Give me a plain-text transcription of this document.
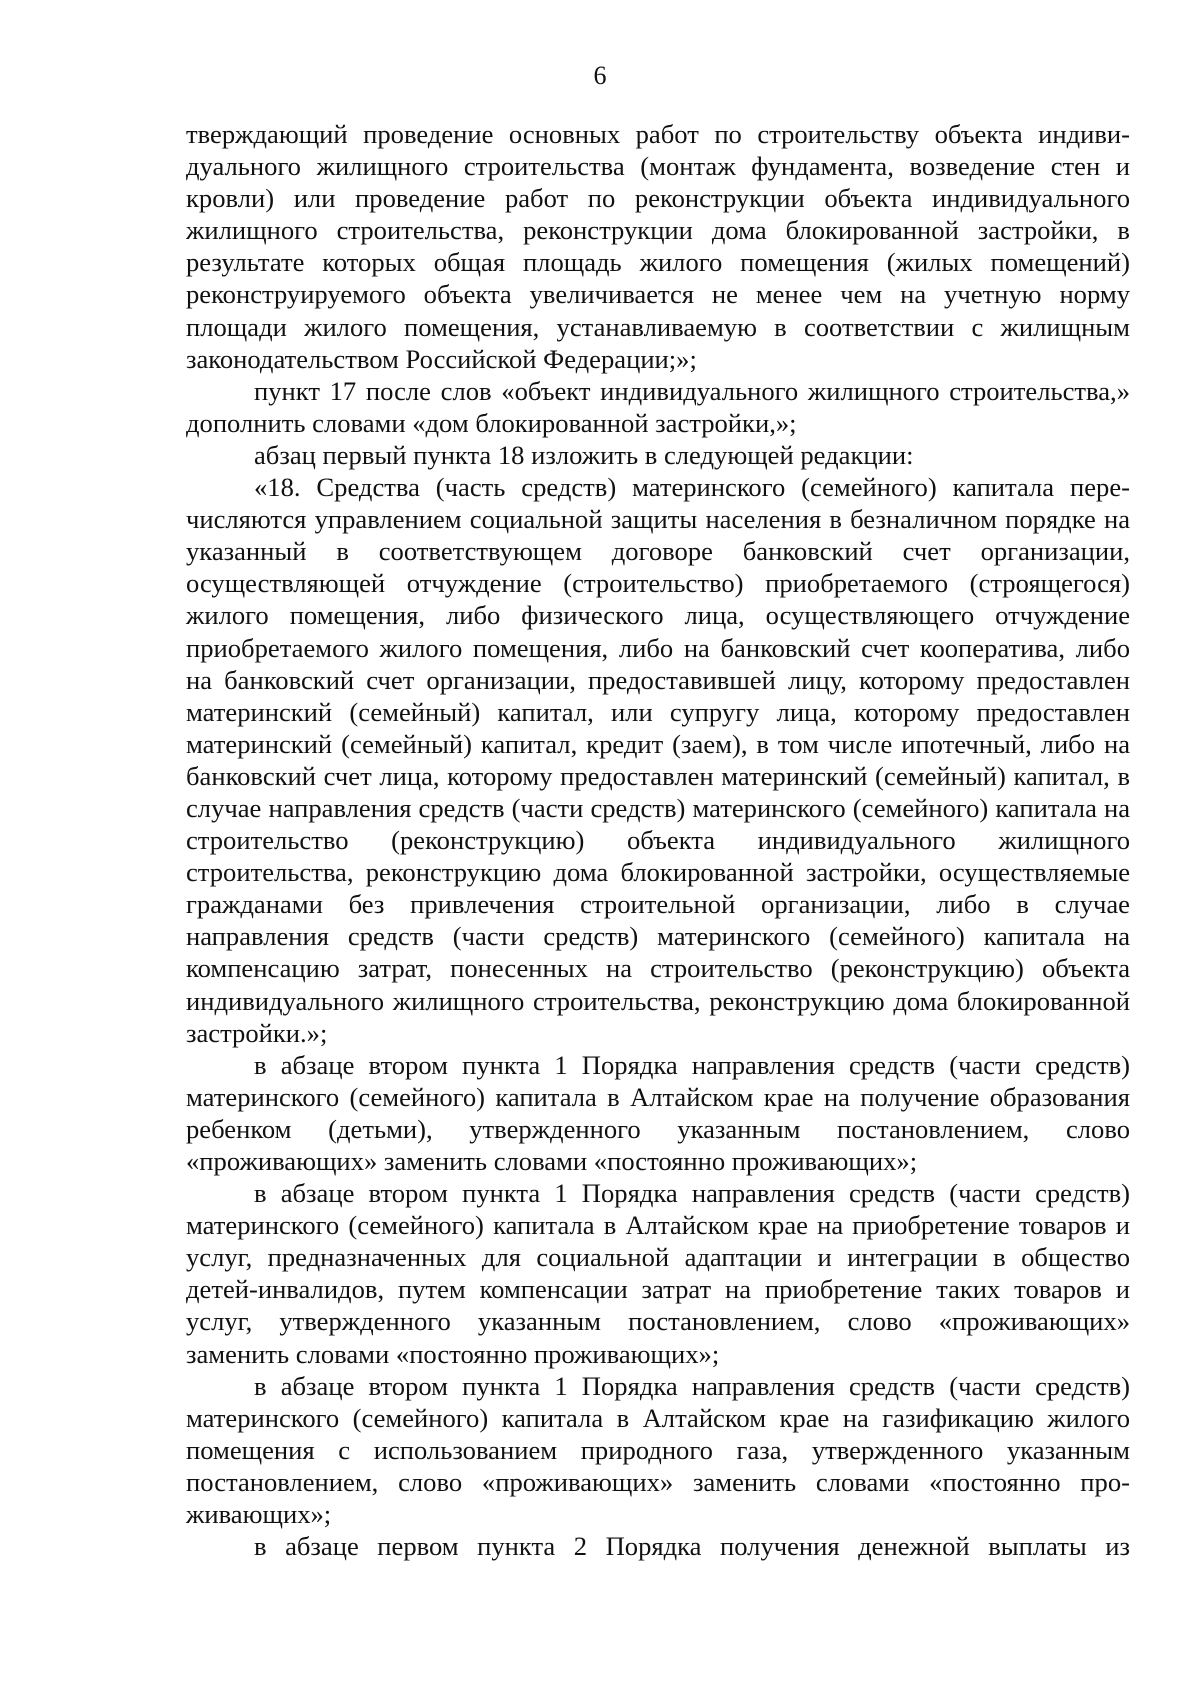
6

тверждающий проведение основных работ по строительству объекта индивидуального жилищного строительства (монтаж фундамента, возведение стен и кровли) или проведение работ по реконструкции объекта индивидуального жилищного строительства, реконструкции дома блокированной застройки, в результате которых общая площадь жилого помещения (жилых помещений) реконструируемого объекта увеличивается не менее чем на учетную норму площади жилого помещения, устанавливаемую в соответствии с жилищным законодательством Российской Федерации;»;

пункт 17 после слов «объект индивидуального жилищного строительства,» дополнить словами «дом блокированной застройки,»;

абзац первый пункта 18 изложить в следующей редакции:

«18. Средства (часть средств) материнского (семейного) капитала перечисляются управлением социальной защиты населения в безналичном порядке на указанный в соответствующем договоре банковский счет организации, осуществляющей отчуждение (строительство) приобретаемого (строящегося) жилого помещения, либо физического лица, осуществляющего отчуждение приобретаемого жилого помещения, либо на банковский счет кооператива, либо на банковский счет организации, предоставившей лицу, которому предоставлен материнский (семейный) капитал, или супругу лица, которому предоставлен материнский (семейный) капитал, кредит (заем), в том числе ипотечный, либо на банковский счет лица, которому предоставлен материнский (семейный) капитал, в случае направления средств (части средств) материнского (семейного) капитала на строительство (реконструкцию) объекта индивидуального жилищного строительства, реконструкцию дома блокированной застройки, осуществляемые гражданами без привлечения строительной организации, либо в случае направления средств (части средств) материнского (семейного) капитала на компенсацию затрат, понесенных на строительство (реконструкцию) объекта индивидуального жилищного строительства, реконструкцию дома блокированной застройки.»;

в абзаце втором пункта 1 Порядка направления средств (части средств) материнского (семейного) капитала в Алтайском крае на получение образования ребенком (детьми), утвержденного указанным постановлением, слово «проживающих» заменить словами «постоянно проживающих»;

в абзаце втором пункта 1 Порядка направления средств (части средств) материнского (семейного) капитала в Алтайском крае на приобретение товаров и услуг, предназначенных для социальной адаптации и интеграции в общество детей-инвалидов, путем компенсации затрат на приобретение таких товаров и услуг, утвержденного указанным постановлением, слово «проживающих» заменить словами «постоянно проживающих»;

в абзаце втором пункта 1 Порядка направления средств (части средств) материнского (семейного) капитала в Алтайском крае на газификацию жилого помещения с использованием природного газа, утвержденного указанным постановлением, слово «проживающих» заменить словами «постоянно проживающих»;

в абзаце первом пункта 2 Порядка получения денежной выплаты из
